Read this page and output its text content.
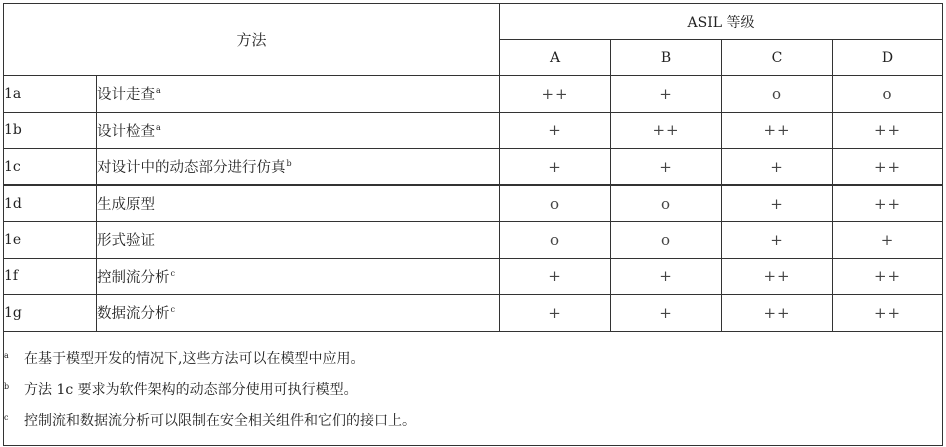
方法		ASIL 等级			
		A	B	C	D
1a	设计走查$^a$	++	+	o	o
1b	设计检查$^a$	+	++	++	++
1c	对设计中的动态部分进行仿真$^b$	+	+	+	++
1d	生成原型	o	o	+	++
1e	形式验证	o	o	+	+
1f	控制流分析$^c$	+	+	++	++
1g	数据流分析$^c$	+	+	++	++

a 在基于模型开发的情况下,这些方法可以在模型中应用。
b 方法 1c 要求为软件架构的动态部分使用可执行模型。
c 控制流和数据流分析可以限制在安全相关组件和它们的接口上。					
